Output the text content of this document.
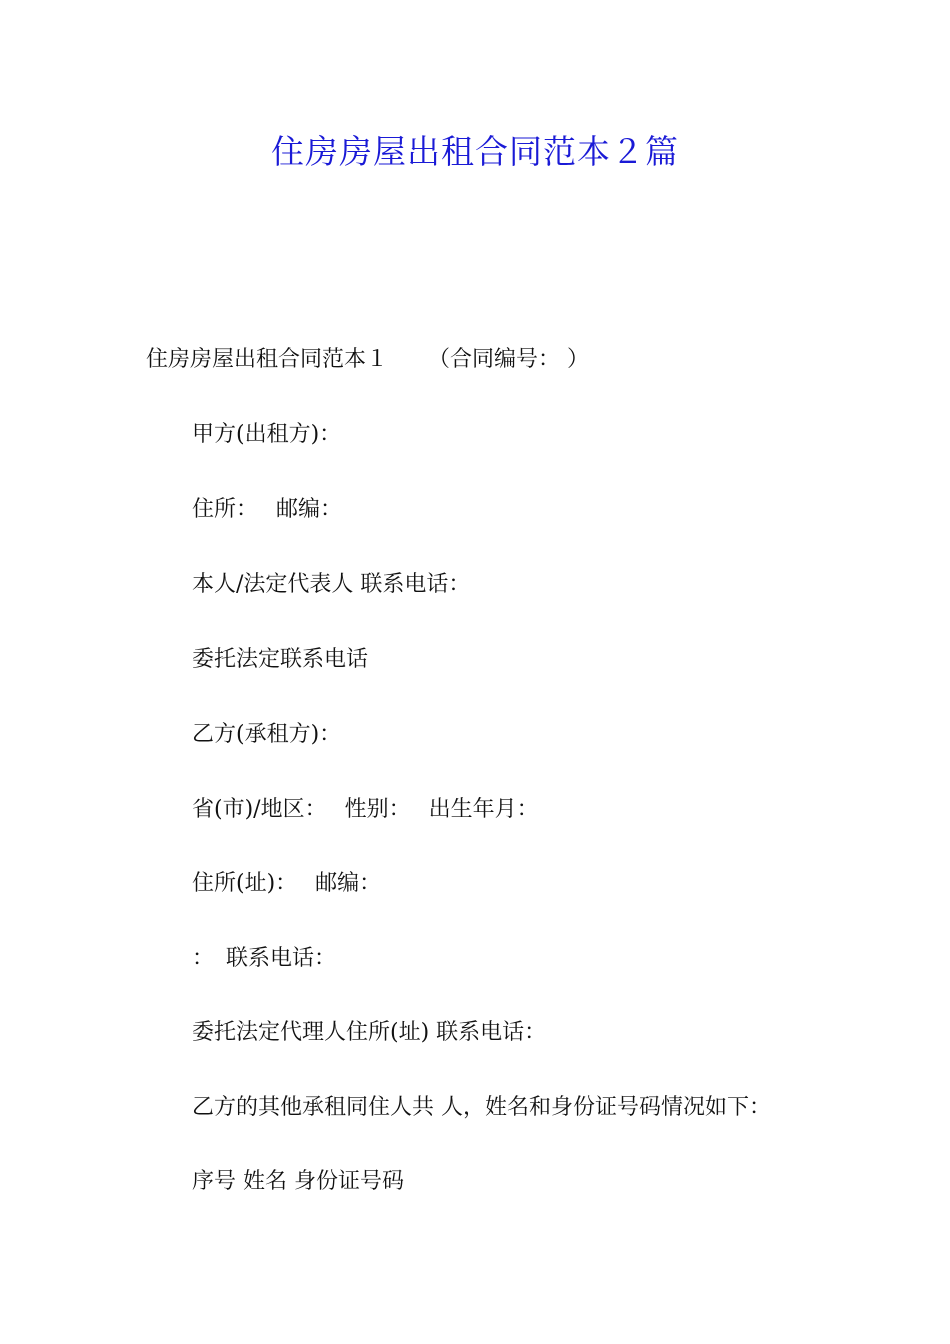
住房房屋出租合同范本２篇
住房房屋出租合同范本１ （合同编号： ）
甲方(出租方)：
住所： 邮编：
本人/法定代表人 联系电话：
委托法定联系电话
乙方(承租方)：
省(市)/地区： 性别： 出生年月：
住所(址)： 邮编：
： 联系电话：
委托法定代理人住所(址) 联系电话：
乙方的其他承租同住人共 人，姓名和身份证号码情况如下：
序号 姓名 身份证号码
